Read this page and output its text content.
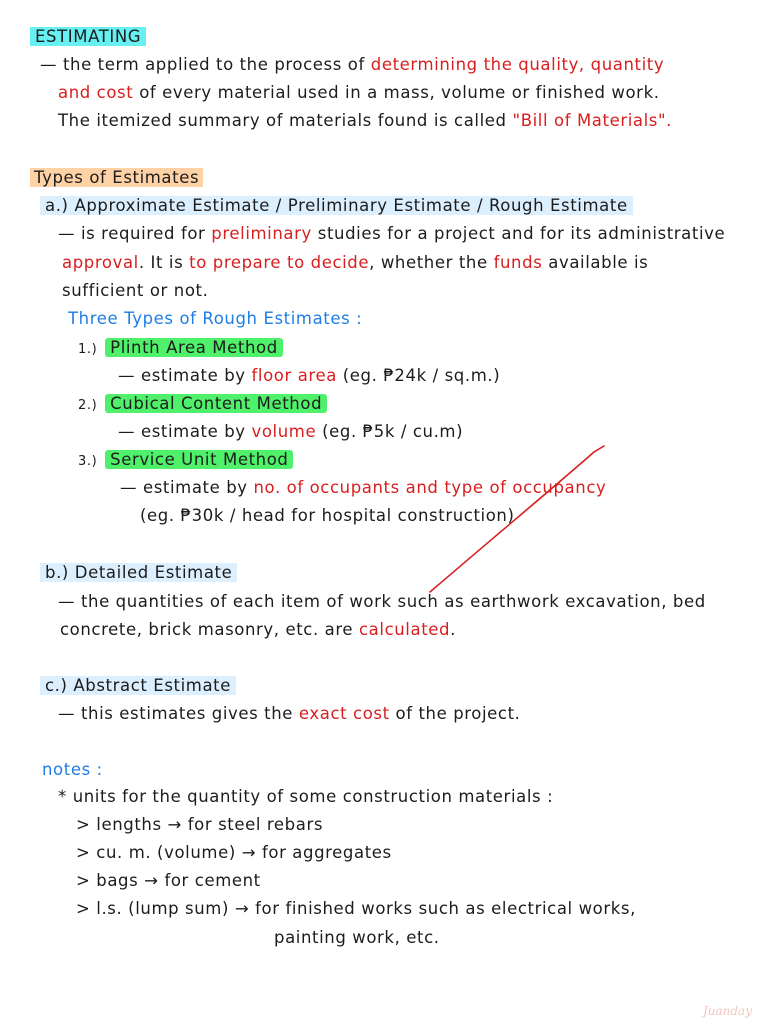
ESTIMATING
— the term applied to the process of determining the quality, quantity
and cost of every material used in a mass, volume or finished work.
The itemized summary of materials found is called "Bill of Materials".
Types of Estimates
a.) Approximate Estimate / Preliminary Estimate / Rough Estimate
— is required for preliminary studies for a project and for its administrative
approval. It is to prepare to decide, whether the funds available is
sufficient or not.
Three Types of Rough Estimates :
1.) Plinth Area Method
— estimate by floor area (eg. ₱24k / sq.m.)
2.) Cubical Content Method
— estimate by volume (eg. ₱5k / cu.m)
3.) Service Unit Method
— estimate by no. of occupants and type of occupancy
(eg. ₱30k / head for hospital construction)
b.) Detailed Estimate
— the quantities of each item of work such as earthwork excavation, bed
concrete, brick masonry, etc. are calculated.
c.) Abstract Estimate
— this estimates gives the exact cost of the project.
notes :
* units for the quantity of some construction materials :
> lengths → for steel rebars
> cu. m. (volume) → for aggregates
> bags → for cement
> l.s. (lump sum) → for finished works such as electrical works,
painting work, etc.
Juanday
